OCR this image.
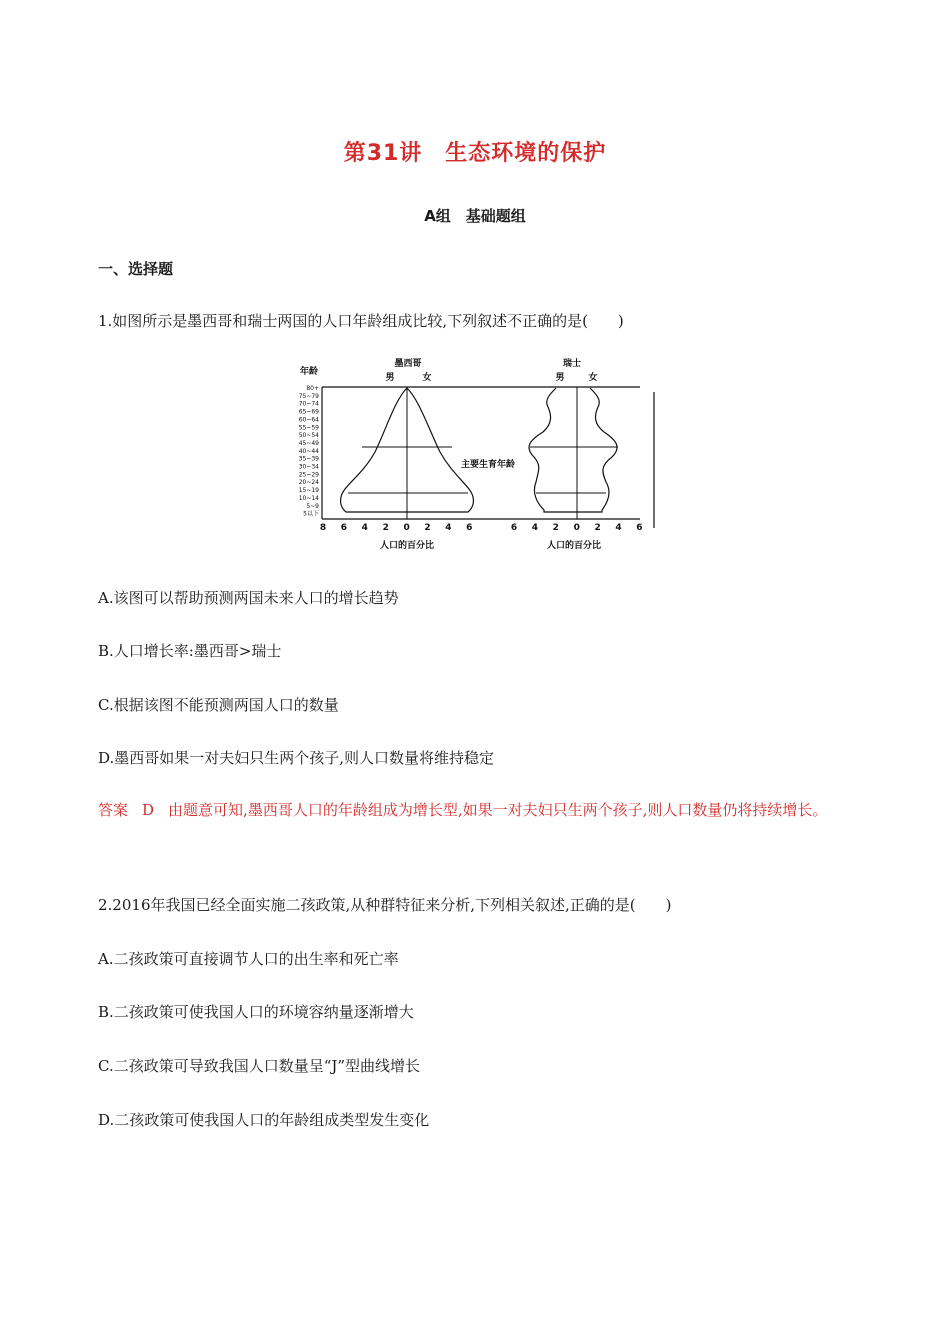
第31讲　生态环境的保护
A组　基础题组
一、选择题
1.如图所示是墨西哥和瑞士两国的人口年龄组成比较,下列叙述不正确的是(　　)
年龄
墨西哥
男	女
瑞士
男	女
80+
75~79
70~74
65~69
60~64
55~59
50~54
45~49
40~44
35~39
30~34
25~29
20~24
15~19
10~14
5~9
5以下
主要生育年龄
8 6 4 2 0 2 4 6	6 4 2 0 2 4 6
人口的百分比	人口的百分比
A.该图可以帮助预测两国未来人口的增长趋势
B.人口增长率:墨西哥>瑞士
C.根据该图不能预测两国人口的数量
D.墨西哥如果一对夫妇只生两个孩子,则人口数量将维持稳定
答案 D 由题意可知,墨西哥人口的年龄组成为增长型,如果一对夫妇只生两个孩子,则人口数量仍将持续增长。
2.2016年我国已经全面实施二孩政策,从种群特征来分析,下列相关叙述,正确的是(　　)
A.二孩政策可直接调节人口的出生率和死亡率
B.二孩政策可使我国人口的环境容纳量逐渐增大
C.二孩政策可导致我国人口数量呈“J”型曲线增长
D.二孩政策可使我国人口的年龄组成类型发生变化
